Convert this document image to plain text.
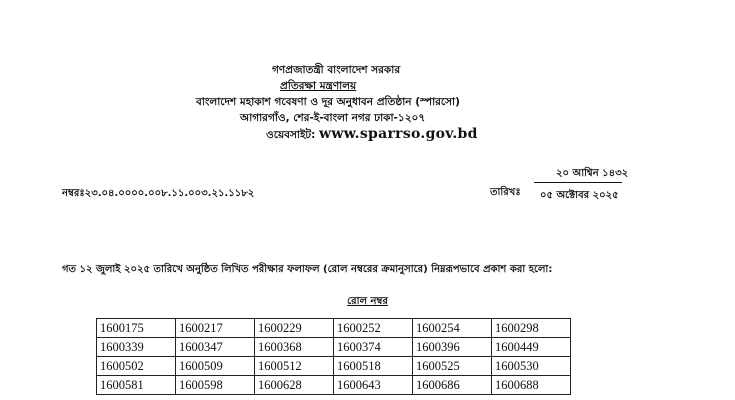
গণপ্রজাতন্ত্রী বাংলাদেশ সরকার
প্রতিরক্ষা মন্ত্রণালয়
বাংলাদেশ মহাকাশ গবেষণা ও দূর অনুধাবন প্রতিষ্ঠান (স্পারসো)
আগারগাঁও, শের-ই-বাংলা নগর ঢাকা-১২০৭
ওয়েবসাইট: www.sparrso.gov.bd
নম্বরঃ২৩.০৪.০০০০.০০৮.১১.০০৩.২১.১১৮২	তারিখঃ
২০ আশ্বিন ১৪৩২
০৫ অক্টোবর ২০২৫
গত ১২ জুলাই ২০২৫ তারিখে অনুষ্ঠিত লিখিত পরীক্ষার ফলাফল (রোল নম্বরের ক্রমানুসারে) নিম্নরূপভাবে প্রকাশ করা হলো:
রোল নম্বর
1600175	1600217	1600229	1600252	1600254	1600298
1600339	1600347	1600368	1600374	1600396	1600449
1600502	1600509	1600512	1600518	1600525	1600530
1600581	1600598	1600628	1600643	1600686	1600688
